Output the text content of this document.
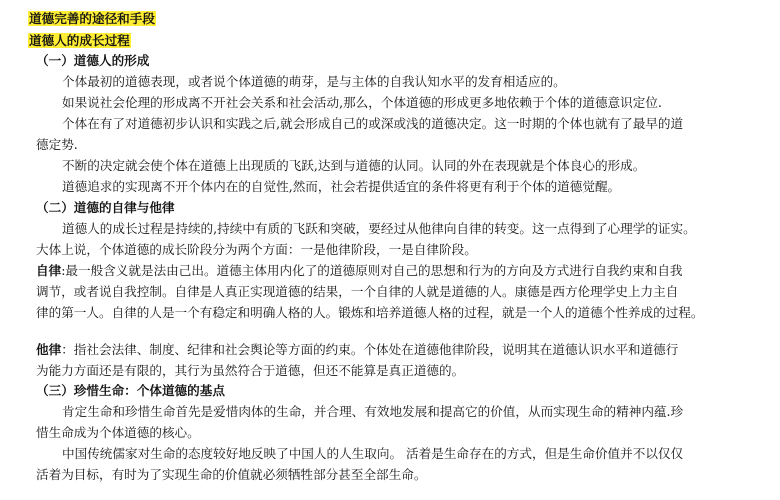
道德完善的途径和手段
道德人的成长过程
（一）道德人的形成
个体最初的道德表现，或者说个体道德的萌芽，是与主体的自我认知水平的发育相适应的。
如果说社会伦理的形成离不开社会关系和社会活动,那么，个体道德的形成更多地依赖于个体的道德意识定位.
个体在有了对道德初步认识和实践之后,就会形成自己的或深或浅的道德决定。这一时期的个体也就有了最早的道
德定势.
不断的决定就会使个体在道德上出现质的飞跃,达到与道德的认同。认同的外在表现就是个体良心的形成。
道德追求的实现离不开个体内在的自觉性,然而，社会若提供适宜的条件将更有利于个体的道德觉醒。
（二）道德的自律与他律
道德人的成长过程是持续的,持续中有质的飞跃和突破，要经过从他律向自律的转变。这一点得到了心理学的证实。
大体上说，个体道德的成长阶段分为两个方面：一是他律阶段，一是自律阶段。
自律:最一般含义就是法由己出。道德主体用内化了的道德原则对自己的思想和行为的方向及方式进行自我约束和自我
调节，或者说自我控制。自律是人真正实现道德的结果，一个自律的人就是道德的人。康德是西方伦理学史上力主自
律的第一人。自律的人是一个有稳定和明确人格的人。锻炼和培养道德人格的过程，就是一个人的道德个性养成的过程。
他律：指社会法律、制度、纪律和社会舆论等方面的约束。个体处在道德他律阶段，说明其在道德认识水平和道德行
为能力方面还是有限的，其行为虽然符合于道德，但还不能算是真正道德的。
（三）珍惜生命：个体道德的基点
肯定生命和珍惜生命首先是爱惜肉体的生命，并合理、有效地发展和提高它的价值，从而实现生命的精神内蕴.珍
惜生命成为个体道德的核心。
中国传统儒家对生命的态度较好地反映了中国人的人生取向。 活着是生命存在的方式，但是生命价值并不以仅仅
活着为目标，有时为了实现生命的价值就必须牺牲部分甚至全部生命。
